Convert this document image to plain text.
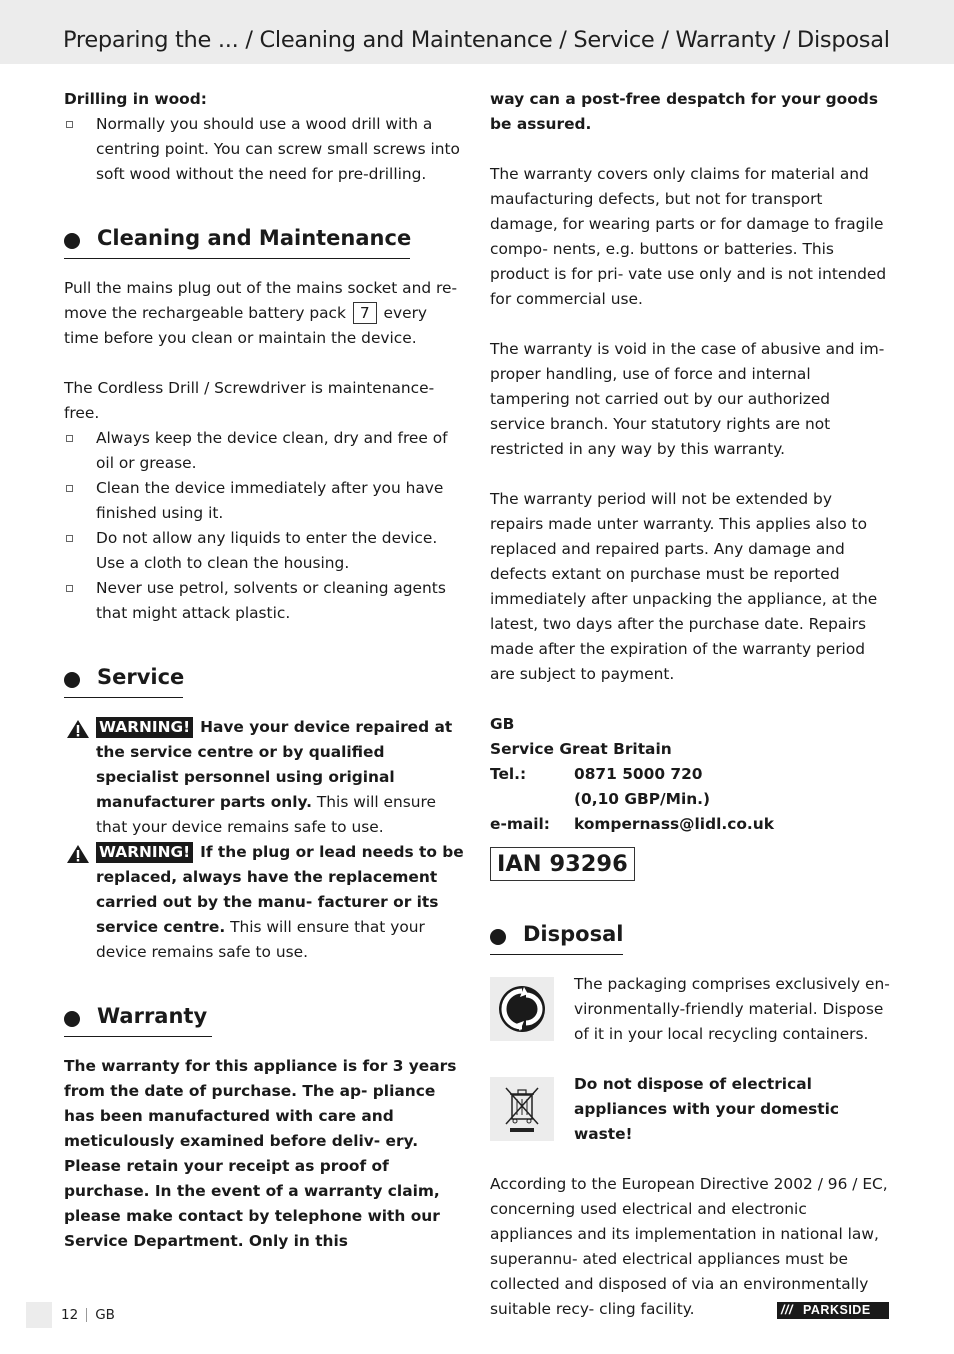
Preparing the ... / Cleaning and Maintenance / Service / Warranty / Disposal

Drilling in wood:

Normally you should use a wood drill with a centring point. You can screw small screws into soft wood without the need for pre-drilling.
Cleaning and Maintenance

Pull the mains plug out of the mains socket and re- move the rechargeable battery pack 7 every time before you clean or maintain the device.

The Cordless Drill / Screwdriver is maintenance-free.

Always keep the device clean, dry and free of oil or grease.
Clean the device immediately after you have finished using it.
Do not allow any liquids to enter the device. Use a cloth to clean the housing.
Never use petrol, solvents or cleaning agents that might attack plastic.
Service
WARNING! Have your device repaired at the service centre or by qualified specialist personnel using original manufacturer parts only. This will ensure that your device remains safe to use.
WARNING! If the plug or lead needs to be replaced, always have the replacement carried out by the manu- facturer or its service centre. This will ensure that your device remains safe to use.
Warranty

The warranty for this appliance is for 3 years from the date of purchase. The ap- pliance has been manufactured with care and meticulously examined before deliv- ery. Please retain your receipt as proof of purchase. In the event of a warranty claim, please make contact by telephone with our Service Department. Only in this

way can a post-free despatch for your goods be assured.

The warranty covers only claims for material and maufacturing defects, but not for transport damage, for wearing parts or for damage to fragile compo- nents, e.g. buttons or batteries. This product is for pri- vate use only and is not intended for commercial use.

The warranty is void in the case of abusive and im- proper handling, use of force and internal tampering not carried out by our authorized service branch. Your statutory rights are not restricted in any way by this warranty.

The warranty period will not be extended by repairs made unter warranty. This applies also to replaced and repaired parts. Any damage and defects extant on purchase must be reported immediately after unpacking the appliance, at the latest, two days after the purchase date. Repairs made after the expiration of the warranty period are subject to payment.

GB
Service Great Britain
Tel.:	0871 5000 720
(0,10 GBP/Min.)
e-mail: kompernass@lidl.co.uk
IAN 93296
Disposal

The packaging comprises exclusively en- vironmentally-friendly material. Dispose of it in your local recycling containers.

Do not dispose of electrical appliances with your domestic waste!

According to the European Directive 2002 / 96 / EC, concerning used electrical and electronic appliances and its implementation in national law, superannu- ated electrical appliances must be collected and disposed of via an environmentally suitable recy- cling facility.

12 GB	/// PARKSIDE
